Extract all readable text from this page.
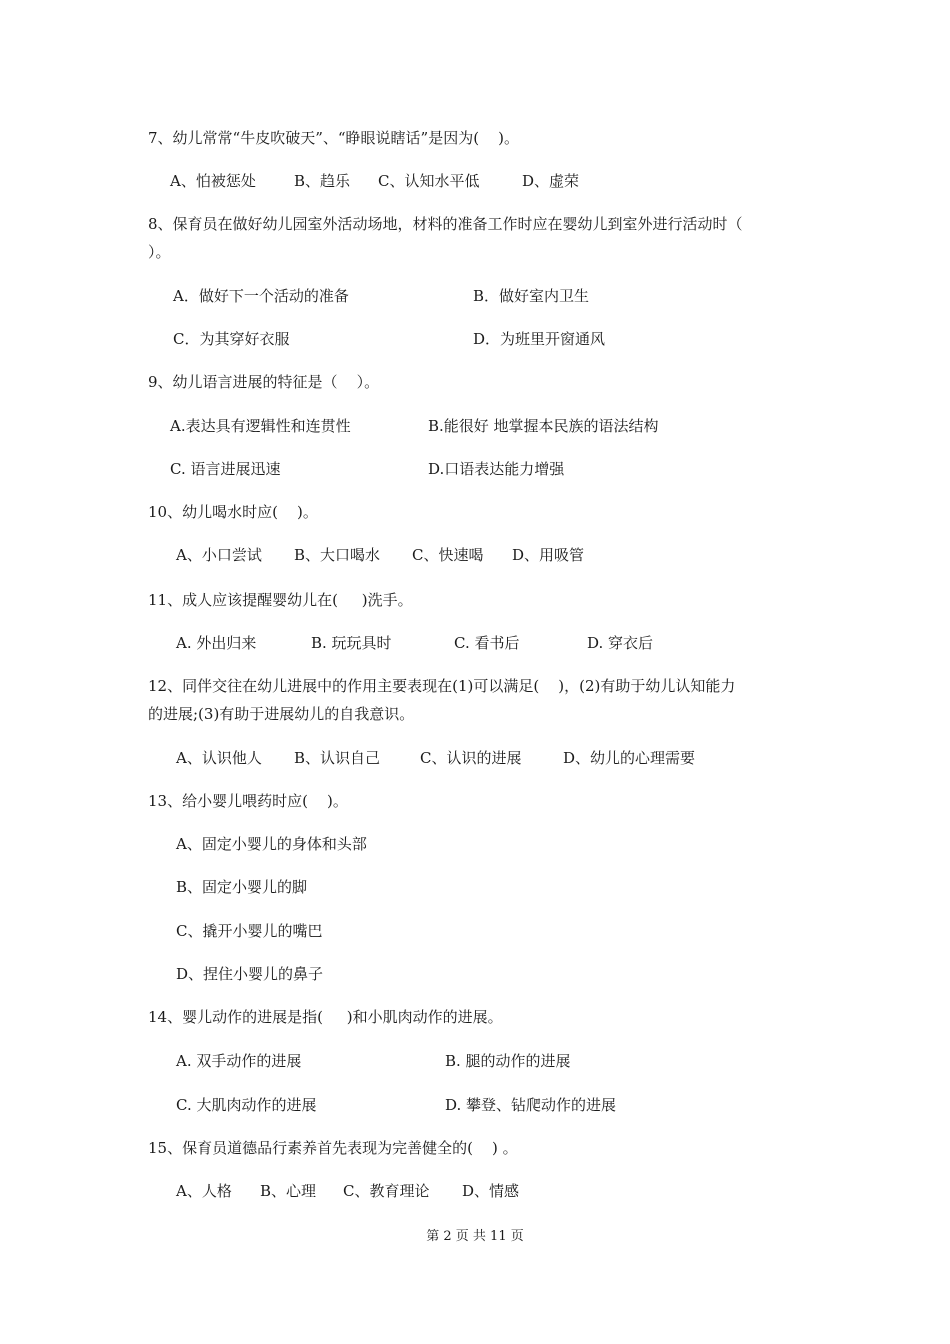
7、幼儿常常“牛皮吹破天”、“睁眼说瞎话”是因为(    )。
A、怕被惩处	B、趋乐 C、认知水平低	D、虚荣
8、保育员在做好幼儿园室外活动场地，材料的准备工作时应在婴幼儿到室外进行活动时（
）。
A．做好下一个活动的准备	B．做好室内卫生
C．为其穿好衣服	D．为班里开窗通风
9、幼儿语言进展的特征是（    ）。
A.表达具有逻辑性和连贯性	B.能很好 地掌握本民族的语法结构
C. 语言进展迅速	D.口语表达能力增强
10、幼儿喝水时应(    )。
A、小口尝试 B、大口喝水 C、快速喝 D、用吸管
11、成人应该提醒婴幼儿在(     )洗手。
A. 外出归来	B. 玩玩具时	C. 看书后	D. 穿衣后
12、同伴交往在幼儿进展中的作用主要表现在(1)可以满足(    )，(2)有助于幼儿认知能力
的进展;(3)有助于进展幼儿的自我意识。
A、认识他人 B、认识自己	C、认识的进展	D、幼儿的心理需要
13、给小婴儿喂药时应(    )。
A、固定小婴儿的身体和头部
B、固定小婴儿的脚
C、撬开小婴儿的嘴巴
D、捏住小婴儿的鼻子
14、婴儿动作的进展是指(     )和小肌肉动作的进展。
A. 双手动作的进展	B. 腿的动作的进展
C. 大肌肉动作的进展	D. 攀登、钻爬动作的进展
15、保育员道德品行素养首先表现为完善健全的(    ) 。
A、人格 B、心理 C、教育理论 D、情感
第 2 页 共 11 页
